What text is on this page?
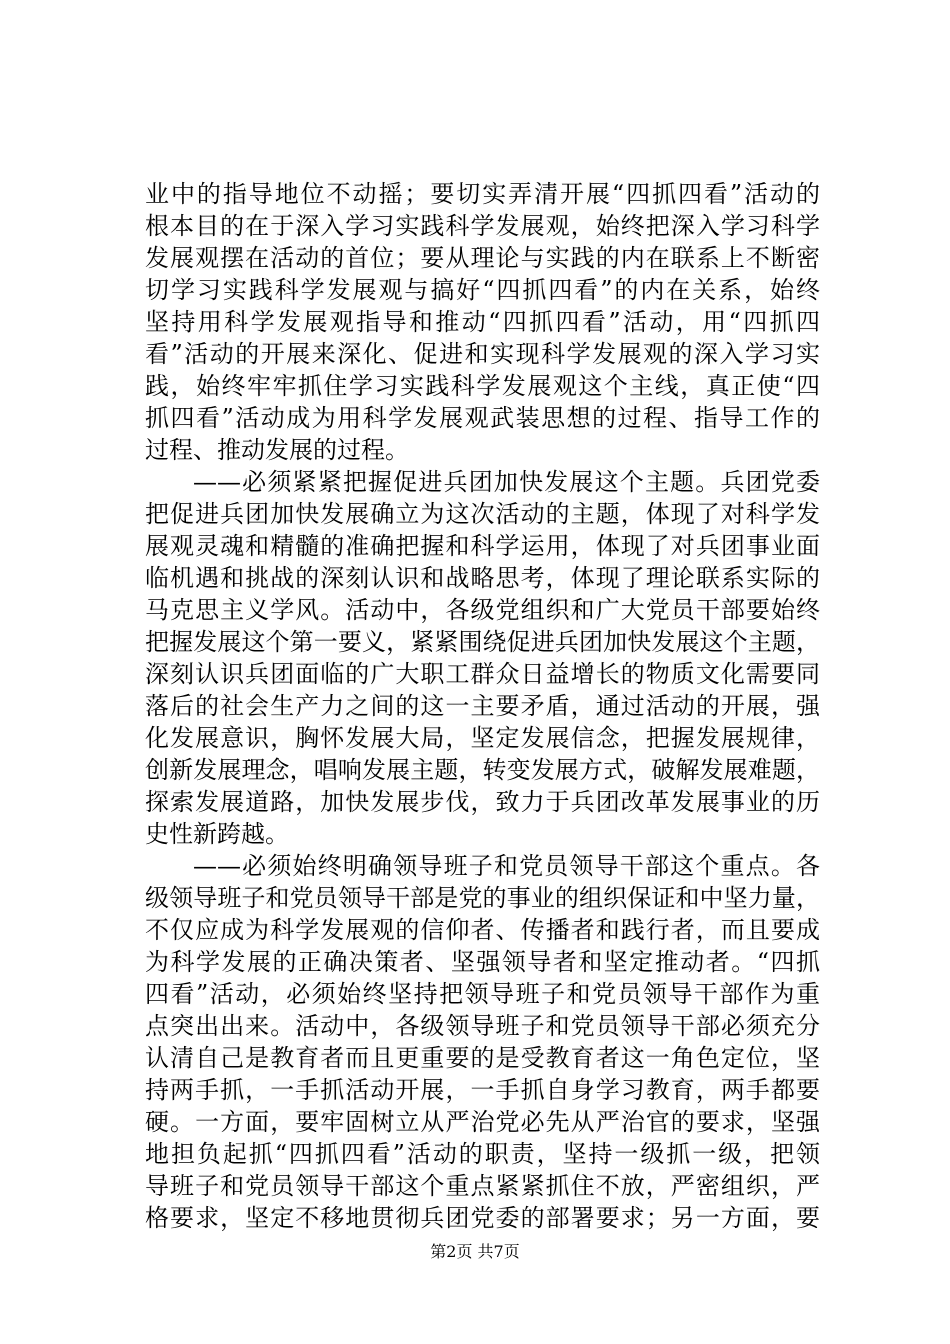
业中的指导地位不动摇；要切实弄清开展“四抓四看”活动的
根本目的在于深入学习实践科学发展观，始终把深入学习科学
发展观摆在活动的首位；要从理论与实践的内在联系上不断密
切学习实践科学发展观与搞好“四抓四看”的内在关系，始终
坚持用科学发展观指导和推动“四抓四看”活动，用“四抓四
看”活动的开展来深化、促进和实现科学发展观的深入学习实
践，始终牢牢抓住学习实践科学发展观这个主线，真正使“四
抓四看”活动成为用科学发展观武装思想的过程、指导工作的
过程、推动发展的过程。
——必须紧紧把握促进兵团加快发展这个主题。兵团党委
把促进兵团加快发展确立为这次活动的主题，体现了对科学发
展观灵魂和精髓的准确把握和科学运用，体现了对兵团事业面
临机遇和挑战的深刻认识和战略思考，体现了理论联系实际的
马克思主义学风。活动中，各级党组织和广大党员干部要始终
把握发展这个第一要义，紧紧围绕促进兵团加快发展这个主题，
深刻认识兵团面临的广大职工群众日益增长的物质文化需要同
落后的社会生产力之间的这一主要矛盾，通过活动的开展，强
化发展意识，胸怀发展大局，坚定发展信念，把握发展规律，
创新发展理念，唱响发展主题，转变发展方式，破解发展难题，
探索发展道路，加快发展步伐，致力于兵团改革发展事业的历
史性新跨越。
——必须始终明确领导班子和党员领导干部这个重点。各
级领导班子和党员领导干部是党的事业的组织保证和中坚力量，
不仅应成为科学发展观的信仰者、传播者和践行者，而且要成
为科学发展的正确决策者、坚强领导者和坚定推动者。“四抓
四看”活动，必须始终坚持把领导班子和党员领导干部作为重
点突出出来。活动中，各级领导班子和党员领导干部必须充分
认清自己是教育者而且更重要的是受教育者这一角色定位，坚
持两手抓，一手抓活动开展，一手抓自身学习教育，两手都要
硬。一方面，要牢固树立从严治党必先从严治官的要求，坚强
地担负起抓“四抓四看”活动的职责，坚持一级抓一级，把领
导班子和党员领导干部这个重点紧紧抓住不放，严密组织，严
格要求，坚定不移地贯彻兵团党委的部署要求；另一方面，要
第2页 共7页
